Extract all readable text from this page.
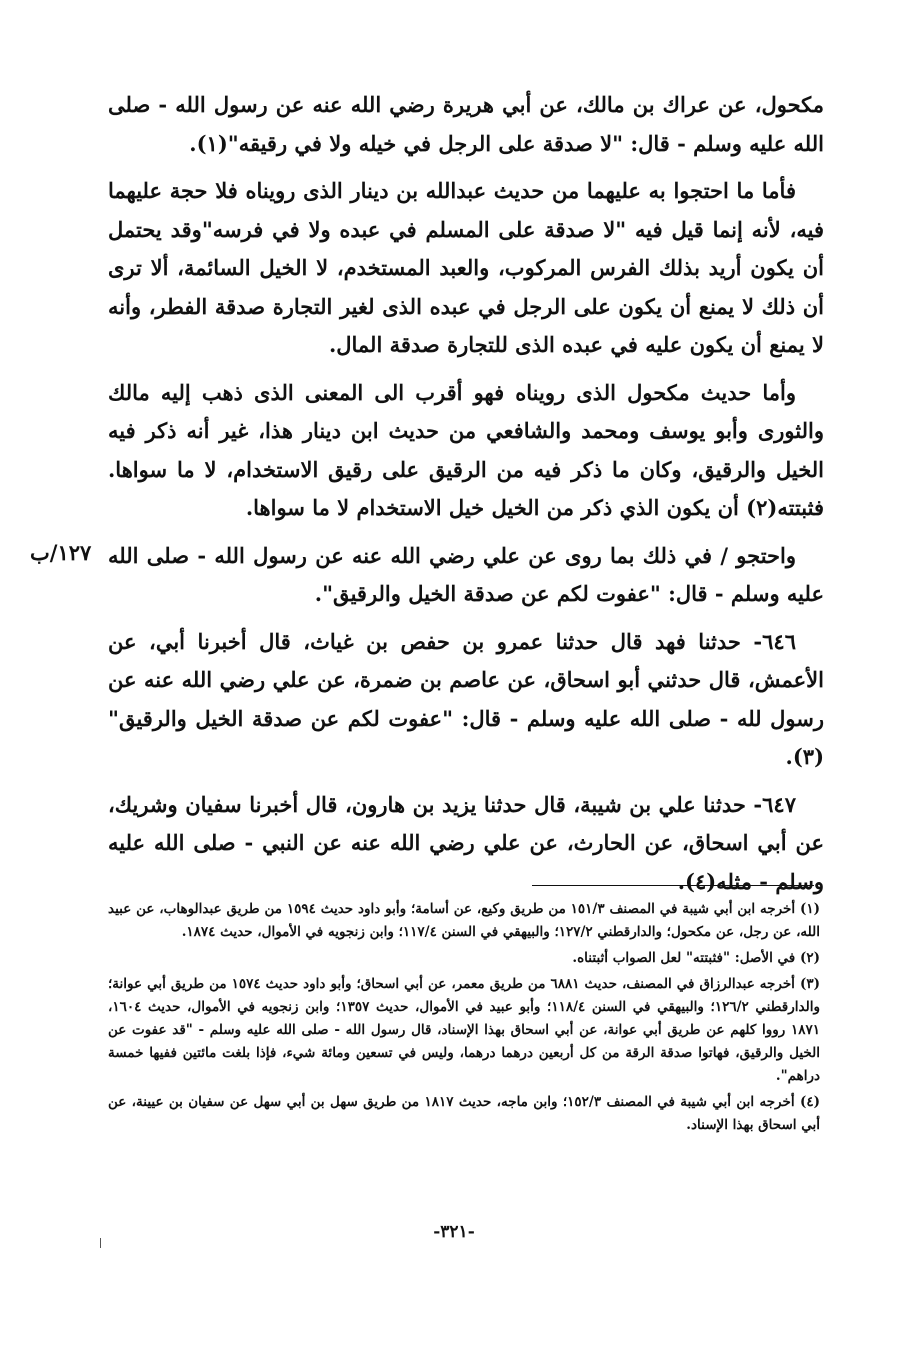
مكحول، عن عراك بن مالك، عن أبي هريرة رضي الله عنه عن رسول الله - صلى الله عليه وسلم - قال: "لا صدقة على الرجل في خيله ولا في رقيقه"(١).

فأما ما احتجوا به عليهما من حديث عبدالله بن دينار الذى رويناه فلا حجة عليهما فيه، لأنه إنما قيل فيه "لا صدقة على المسلم في عبده ولا في فرسه"وقد يحتمل أن يكون أريد بذلك الفرس المركوب، والعبد المستخدم، لا الخيل السائمة، ألا ترى أن ذلك لا يمنع أن يكون على الرجل في عبده الذى لغير التجارة صدقة الفطر، وأنه لا يمنع أن يكون عليه في عبده الذى للتجارة صدقة المال.

وأما حديث مكحول الذى رويناه فهو أقرب الى المعنى الذى ذهب إليه مالك والثورى وأبو يوسف ومحمد والشافعي من حديث ابن دينار هذا، غير أنه ذكر فيه الخيل والرقيق، وكان ما ذكر فيه من الرقيق على رقيق الاستخدام، لا ما سواها. فثبتته(٢) أن يكون الذي ذكر من الخيل خيل الاستخدام لا ما سواها.

واحتجو / في ذلك بما روى عن علي رضي الله عنه عن رسول الله - صلى الله عليه وسلم - قال: "عفوت لكم عن صدقة الخيل والرقيق".

٦٤٦- حدثنا فهد قال حدثنا عمرو بن حفص بن غياث، قال أخبرنا أبي، عن الأعمش، قال حدثني أبو اسحاق، عن عاصم بن ضمرة، عن علي رضي الله عنه عن رسول لله - صلى الله عليه وسلم - قال: "عفوت لكم عن صدقة الخيل والرقيق"(٣).

٦٤٧- حدثنا علي بن شيبة، قال حدثنا يزيد بن هارون، قال أخبرنا سفيان وشريك، عن أبي اسحاق، عن الحارث، عن علي رضي الله عنه عن النبي - صلى الله عليه وسلم - مثله(٤).

١٢٧/ب

(١) أخرجه ابن أبي شيبة في المصنف ١٥١/٣ من طريق وكيع، عن أسامة؛ وأبو داود حديث ١٥٩٤ من طريق عبدالوهاب، عن عبيد الله، عن رجل، عن مكحول؛ والدارقطني ١٢٧/٢؛ والبيهقي في السنن ١١٧/٤؛ وابن زنجويه في الأموال، حديث ١٨٧٤.

(٢) في الأصل: "فثبتته" لعل الصواب أثبتناه.

(٣) أخرجه عبدالرزاق في المصنف، حديث ٦٨٨١ من طريق معمر، عن أبي اسحاق؛ وأبو داود حديث ١٥٧٤ من طريق أبي عوانة؛ والدارقطني ١٢٦/٢؛ والبيهقي في السنن ١١٨/٤؛ وأبو عبيد في الأموال، حديث ١٣٥٧؛ وابن زنجويه في الأموال، حديث ١٦٠٤، ١٨٧١ رووا كلهم عن طريق أبي عوانة، عن أبي اسحاق بهذا الإسناد، قال رسول الله - صلى الله عليه وسلم - "قد عفوت عن الخيل والرقيق، فهاتوا صدقة الرقة من كل أربعين درهما درهما، وليس في تسعين ومائة شيء، فإذا بلغت مائتين ففيها خمسة دراهم".

(٤) أخرجه ابن أبي شيبة في المصنف ١٥٢/٣؛ وابن ماجه، حديث ١٨١٧ من طريق سهل بن أبي سهل عن سفيان بن عيينة، عن أبي اسحاق بهذا الإسناد.

-٣٢١-
